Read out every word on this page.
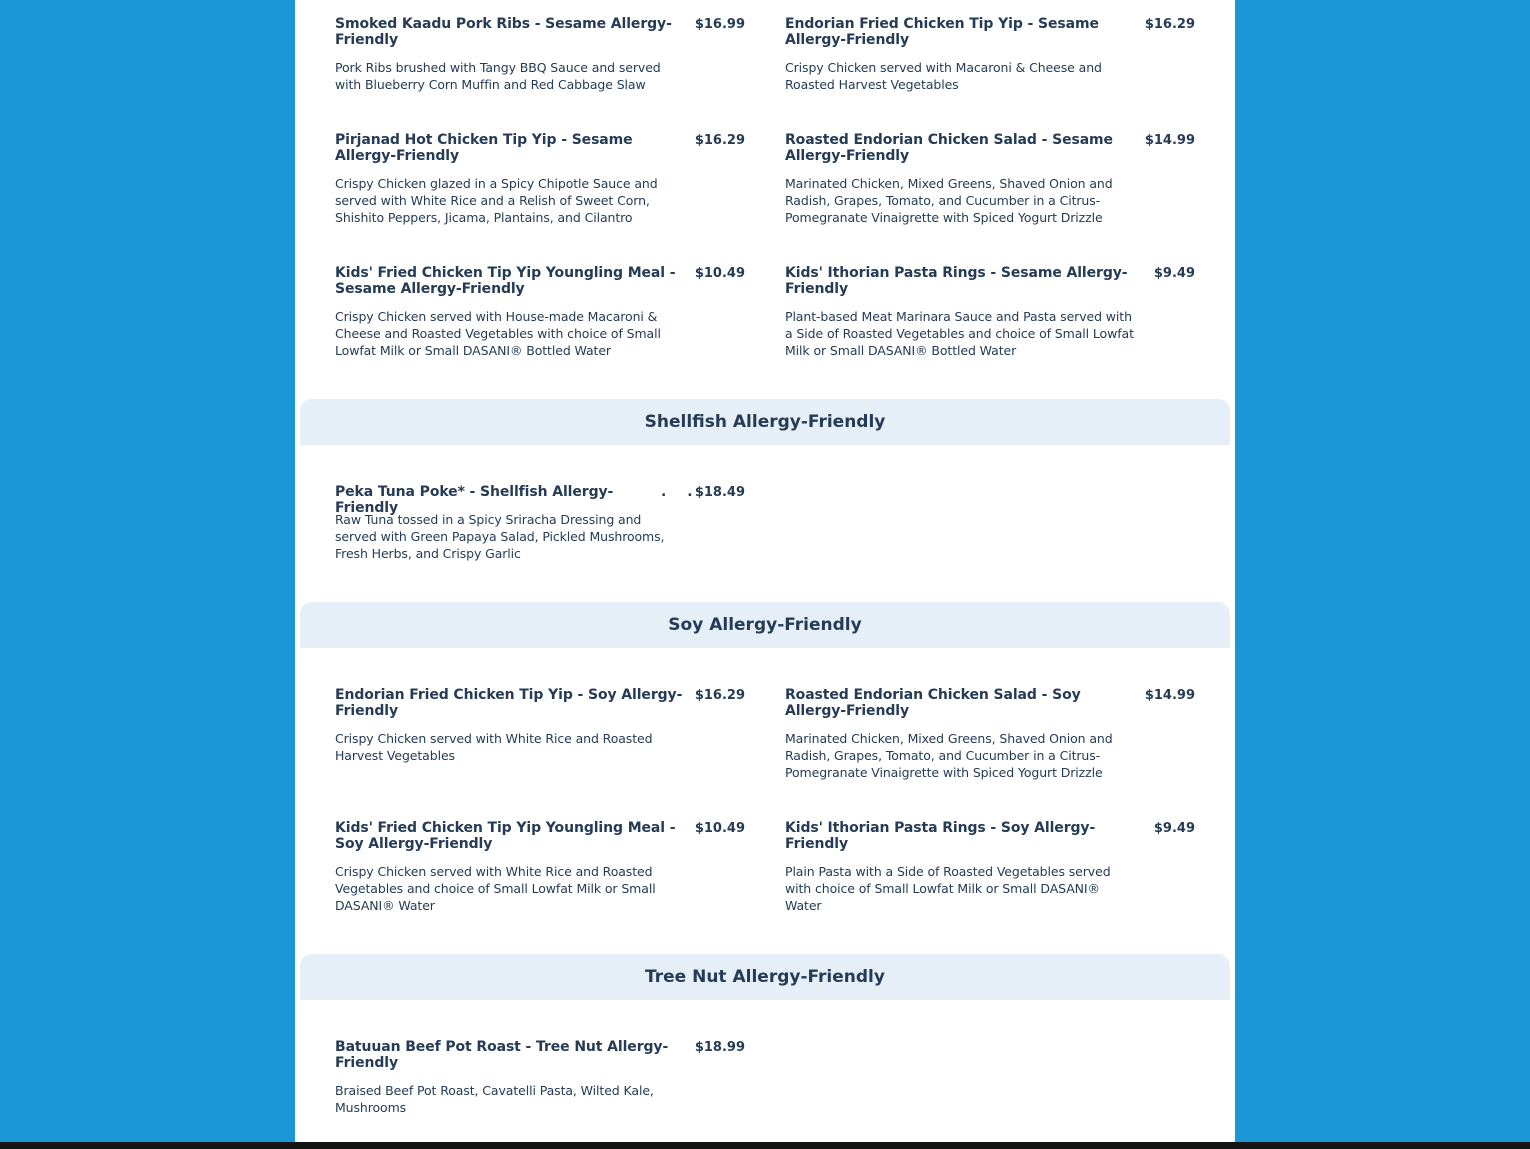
Smoked Kaadu Pork Ribs - Sesame Allergy-Friendly
$16.99
Pork Ribs brushed with Tangy BBQ Sauce and served with Blueberry Corn Muffin and Red Cabbage Slaw
Endorian Fried Chicken Tip Yip - Sesame Allergy-Friendly
$16.29
Crispy Chicken served with Macaroni & Cheese and Roasted Harvest Vegetables
Pirjanad Hot Chicken Tip Yip - Sesame Allergy-Friendly
$16.29
Crispy Chicken glazed in a Spicy Chipotle Sauce and served with White Rice and a Relish of Sweet Corn, Shishito Peppers, Jicama, Plantains, and Cilantro
Roasted Endorian Chicken Salad - Sesame Allergy-Friendly
$14.99
Marinated Chicken, Mixed Greens, Shaved Onion and Radish, Grapes, Tomato, and Cucumber in a Citrus-Pomegranate Vinaigrette with Spiced Yogurt Drizzle
Kids' Fried Chicken Tip Yip Youngling Meal - Sesame Allergy-Friendly
$10.49
Crispy Chicken served with House-made Macaroni & Cheese and Roasted Vegetables with choice of Small Lowfat Milk or Small DASANI® Bottled Water
Kids' Ithorian Pasta Rings - Sesame Allergy-Friendly
$9.49
Plant-based Meat Marinara Sauce and Pasta served with a Side of Roasted Vegetables and choice of Small Lowfat Milk or Small DASANI® Bottled Water
Shellfish Allergy-Friendly
Peka Tuna Poke* - Shellfish Allergy-Friendly
. .
$18.49
Raw Tuna tossed in a Spicy Sriracha Dressing and served with Green Papaya Salad, Pickled Mushrooms, Fresh Herbs, and Crispy Garlic
Soy Allergy-Friendly
Endorian Fried Chicken Tip Yip - Soy Allergy-Friendly
$16.29
Crispy Chicken served with White Rice and Roasted Harvest Vegetables
Roasted Endorian Chicken Salad - Soy Allergy-Friendly
$14.99
Marinated Chicken, Mixed Greens, Shaved Onion and Radish, Grapes, Tomato, and Cucumber in a Citrus-Pomegranate Vinaigrette with Spiced Yogurt Drizzle
Kids' Fried Chicken Tip Yip Youngling Meal - Soy Allergy-Friendly
$10.49
Crispy Chicken served with White Rice and Roasted Vegetables and choice of Small Lowfat Milk or Small DASANI® Water
Kids' Ithorian Pasta Rings - Soy Allergy-Friendly
$9.49
Plain Pasta with a Side of Roasted Vegetables served with choice of Small Lowfat Milk or Small DASANI® Water
Tree Nut Allergy-Friendly
Batuuan Beef Pot Roast - Tree Nut Allergy-Friendly
$18.99
Braised Beef Pot Roast, Cavatelli Pasta, Wilted Kale, Mushrooms
